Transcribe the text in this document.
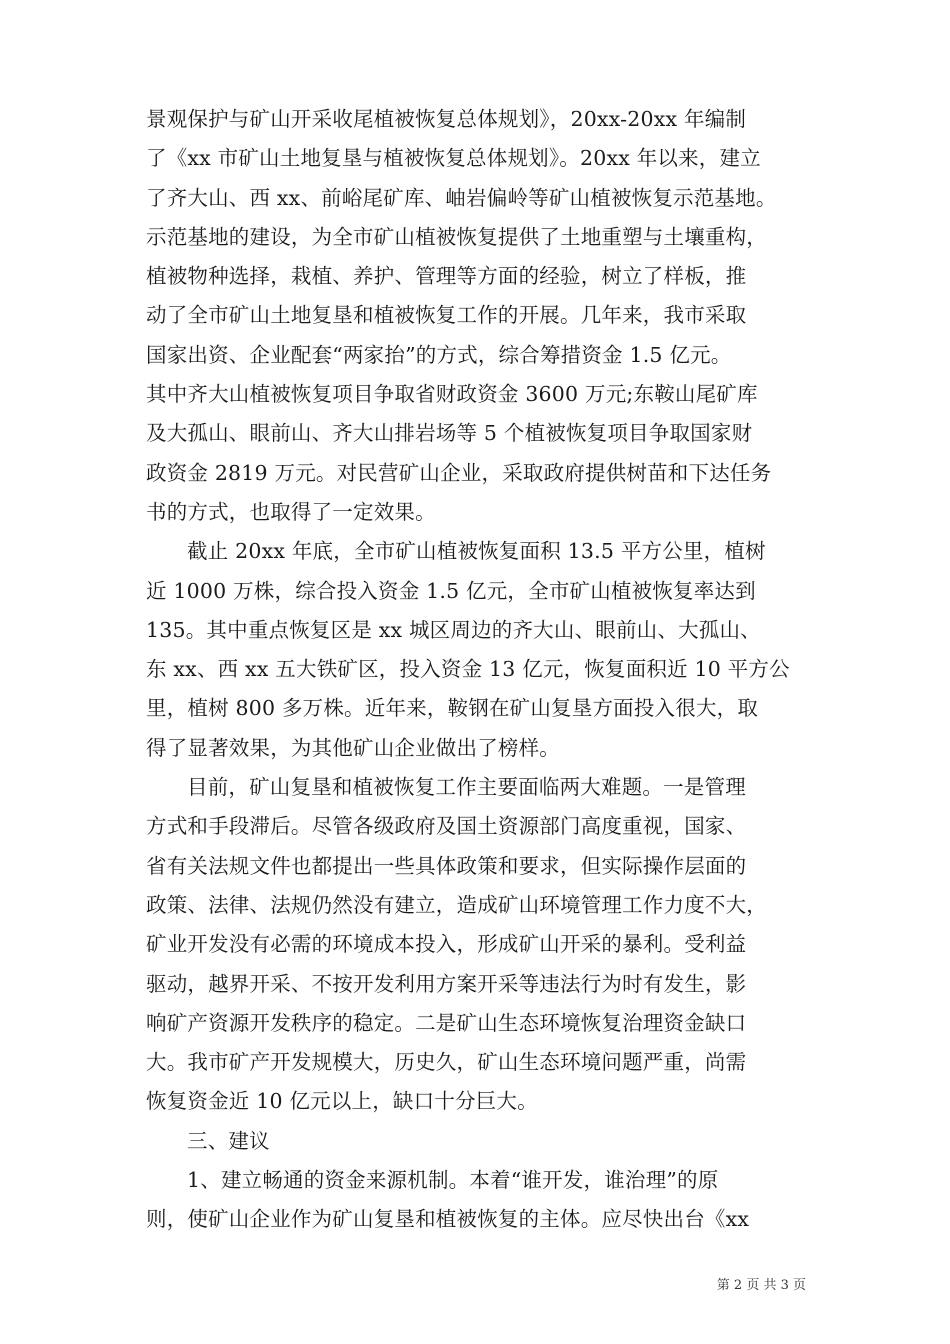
景观保护与矿山开采收尾植被恢复总体规划》，20xx-20xx 年编制
了《xx 市矿山土地复垦与植被恢复总体规划》。20xx 年以来，建立
了齐大山、西 xx、前峪尾矿库、岫岩偏岭等矿山植被恢复示范基地。
示范基地的建设，为全市矿山植被恢复提供了土地重塑与土壤重构，
植被物种选择，栽植、养护、管理等方面的经验，树立了样板，推
动了全市矿山土地复垦和植被恢复工作的开展。几年来，我市采取
国家出资、企业配套“两家抬”的方式，综合筹措资金 1.5 亿元。
其中齐大山植被恢复项目争取省财政资金 3600 万元;东鞍山尾矿库
及大孤山、眼前山、齐大山排岩场等 5 个植被恢复项目争取国家财
政资金 2819 万元。对民营矿山企业，采取政府提供树苗和下达任务
书的方式，也取得了一定效果。
截止 20xx 年底，全市矿山植被恢复面积 13.5 平方公里，植树
近 1000 万株，综合投入资金 1.5 亿元，全市矿山植被恢复率达到
135。其中重点恢复区是 xx 城区周边的齐大山、眼前山、大孤山、
东 xx、西 xx 五大铁矿区，投入资金 13 亿元，恢复面积近 10 平方公
里，植树 800 多万株。近年来，鞍钢在矿山复垦方面投入很大，取
得了显著效果，为其他矿山企业做出了榜样。
目前，矿山复垦和植被恢复工作主要面临两大难题。一是管理
方式和手段滞后。尽管各级政府及国土资源部门高度重视，国家、
省有关法规文件也都提出一些具体政策和要求，但实际操作层面的
政策、法律、法规仍然没有建立，造成矿山环境管理工作力度不大，
矿业开发没有必需的环境成本投入，形成矿山开采的暴利。受利益
驱动，越界开采、不按开发利用方案开采等违法行为时有发生，影
响矿产资源开发秩序的稳定。二是矿山生态环境恢复治理资金缺口
大。我市矿产开发规模大，历史久，矿山生态环境问题严重，尚需
恢复资金近 10 亿元以上，缺口十分巨大。
三、建议
1、建立畅通的资金来源机制。本着“谁开发，谁治理”的原
则，使矿山企业作为矿山复垦和植被恢复的主体。应尽快出台《xx
第 2 页 共 3 页
